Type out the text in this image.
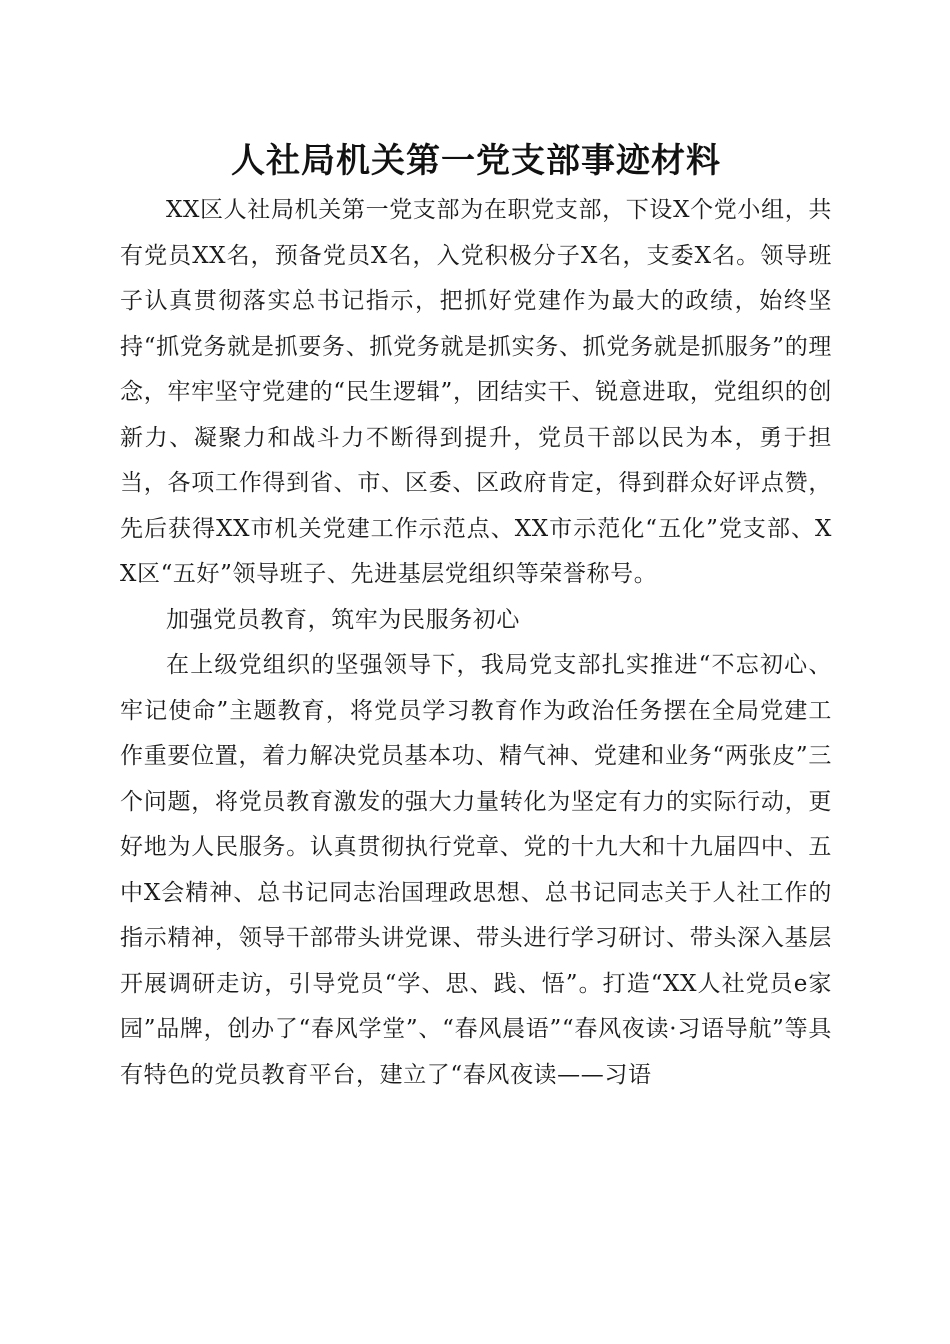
人社局机关第一党支部事迹材料

XX区人社局机关第一党支部为在职党支部，下设X个党小组，共有党员XX名，预备党员X名，入党积极分子X名，支委X名。领导班子认真贯彻落实总书记指示，把抓好党建作为最大的政绩，始终坚持“抓党务就是抓要务、抓党务就是抓实务、抓党务就是抓服务”的理念，牢牢坚守党建的“民生逻辑”，团结实干、锐意进取，党组织的创新力、凝聚力和战斗力不断得到提升，党员干部以民为本，勇于担当，各项工作得到省、市、区委、区政府肯定，得到群众好评点赞，先后获得XX市机关党建工作示范点、XX市示范化“五化”党支部、XX区“五好”领导班子、先进基层党组织等荣誉称号。

加强党员教育，筑牢为民服务初心

在上级党组织的坚强领导下，我局党支部扎实推进“不忘初心、牢记使命”主题教育，将党员学习教育作为政治任务摆在全局党建工作重要位置，着力解决党员基本功、精气神、党建和业务“两张皮”三个问题，将党员教育激发的强大力量转化为坚定有力的实际行动，更好地为人民服务。认真贯彻执行党章、党的十九大和十九届四中、五中X会精神、总书记同志治国理政思想、总书记同志关于人社工作的指示精神，领导干部带头讲党课、带头进行学习研讨、带头深入基层开展调研走访，引导党员“学、思、践、悟”。打造“XX人社党员e家园”品牌，创办了“春风学堂”、“春风晨语”“春风夜读·习语导航”等具有特色的党员教育平台，建立了“春风夜读——习语
